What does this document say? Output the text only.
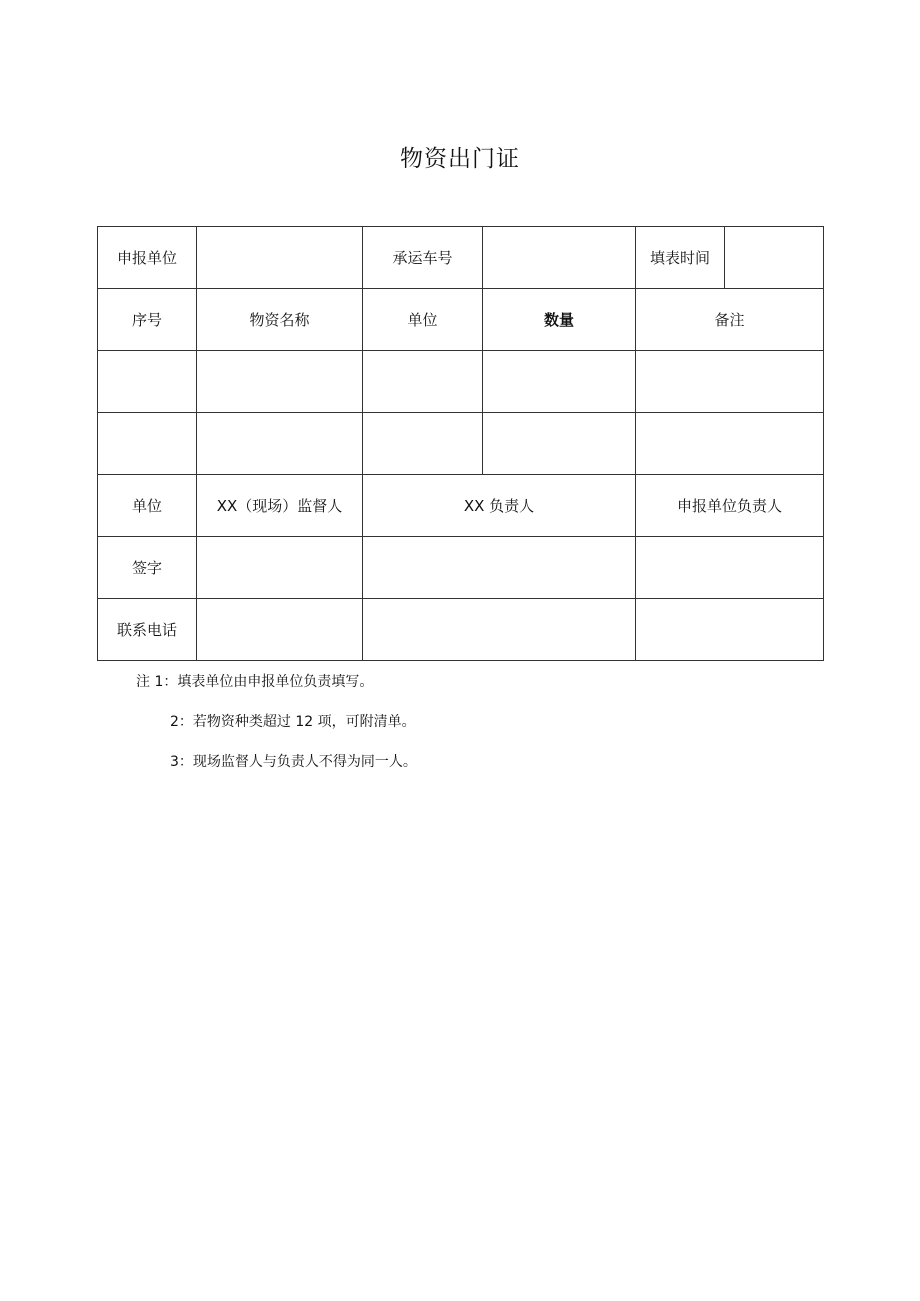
物资出门证
申报单位		承运车号		填表时间	
序号	物资名称	单位	数量	备注	

单位	XX（现场）监督人	XX 负责人		申报单位负责人	
签字					
联系电话					
注 1：填表单位由申报单位负责填写。
2：若物资种类超过 12 项，可附清单。
3：现场监督人与负责人不得为同一人。
